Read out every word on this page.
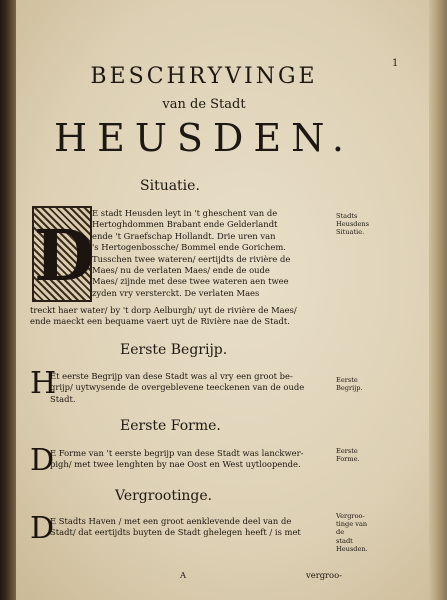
1
BESCHRYVINGE
van de Stadt
HEUSDEN.
Situatie.
D
E stadt Heusden leyt in 't gheschent van de
Hertoghdommen Brabant ende Gelderlandt
ende 't Graefschap Hollandt. Drie uren van
's Hertogenbossche/ Bommel ende Gorichem.
Tusschen twee wateren/ eertijdts de rivière de
Maes/ nu de verlaten Maes/ ende de oude
Maes/ zijnde met dese twee wateren aen twee
zyden vry versterckt. De verlaten Maes
treckt haer water/ by 't dorp Aelburgh/ uyt de rivière de Maes/
ende maeckt een bequame vaert uyt de Rivière nae de Stadt.
Stadts
Heusdens
Situatie.
Eerste Begrijp.
H
Et eerste Begrijp van dese Stadt was al vry een groot be-
grijp/ uytwysende de overgeblevene teeckenen van de oude
Stadt.
Eerste
Begrijp.
Eerste Forme.
D
E Forme van 't eerste begrijp van dese Stadt was lanckwer-
pigh/ met twee lenghten by nae Oost en West uytloopende.
Eerste
Forme.
Vergrootinge.
D
E Stadts Haven / met een groot aenklevende deel van de
Stadt/ dat eertijdts buyten de Stadt ghelegen heeft / is met
Vergroo-
tinge van de
stadt
Heusden.
A	vergroo-
